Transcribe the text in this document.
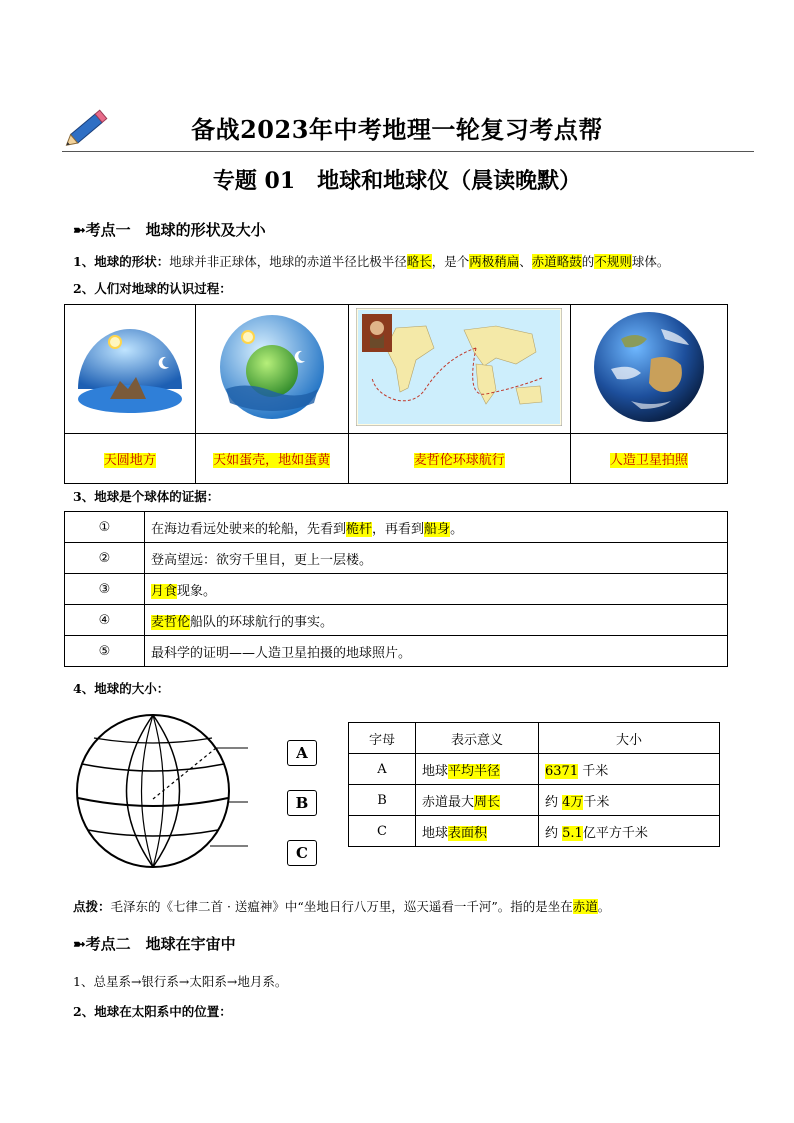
备战2023年中考地理一轮复习考点帮
专题 01　地球和地球仪（晨读晚默）
➼考点一  地球的形状及大小
1、地球的形状：地球并非正球体，地球的赤道半径比极半径略长，是个两极稍扁、赤道略鼓的不规则球体。
2、人们对地球的认识过程：

天圆地方	天如蛋壳，地如蛋黄	麦哲伦环球航行	人造卫星拍照
3、地球是个球体的证据：
①	在海边看远处驶来的轮船，先看到桅杆，再看到船身。
②	登高望远：欲穷千里目，更上一层楼。
③	月食现象。
④	麦哲伦船队的环球航行的事实。
⑤	最科学的证明——人造卫星拍摄的地球照片。
4、地球的大小：
A
B
C
字母	表示意义	大小
A	地球平均半径	6371 千米
B	赤道最大周长	约 4万千米
C	地球表面积	约 5.1亿平方千米
点拨：毛泽东的《七律二首 · 送瘟神》中“坐地日行八万里，巡天遥看一千河”。指的是坐在赤道。
➼考点二  地球在宇宙中
1、总星系→银行系→太阳系→地月系。
2、地球在太阳系中的位置：
